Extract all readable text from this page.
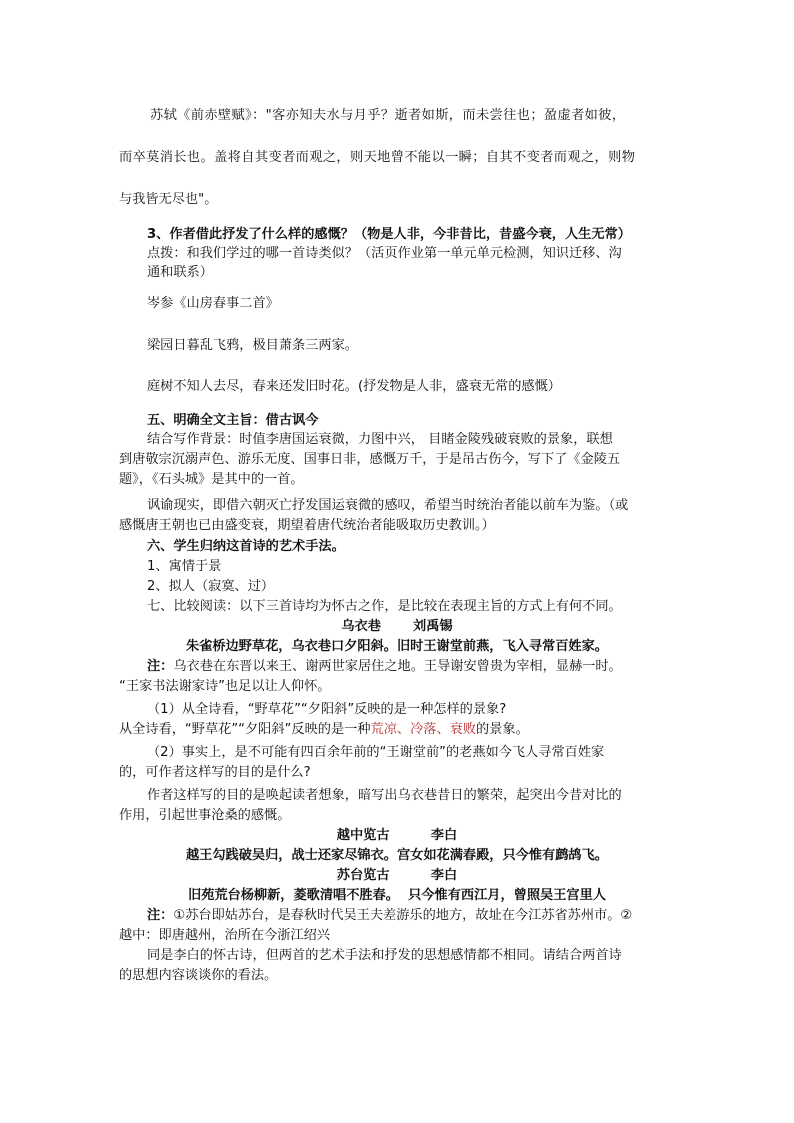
苏轼《前赤壁赋》："客亦知夫水与月乎？逝者如斯，而未尝往也；盈虚者如彼，
而卒莫消长也。盖将自其变者而观之，则天地曾不能以一瞬；自其不变者而观之，则物
与我皆无尽也"。
3、作者借此抒发了什么样的感慨？（物是人非，今非昔比，昔盛今衰，人生无常）
点拨：和我们学过的哪一首诗类似？（活页作业第一单元单元检测，知识迁移、沟
通和联系）
岑参《山房春事二首》
梁园日暮乱飞鸦，极目萧条三两家。
庭树不知人去尽，春来还发旧时花。(抒发物是人非，盛衰无常的感慨）
五、明确全文主旨：借古讽今
结合写作背景：时值李唐国运衰微，力图中兴， 目睹金陵残破衰败的景象，联想
到唐敬宗沉溺声色、游乐无度、国事日非，感慨万千，于是吊古伤今，写下了《金陵五
题》，《石头城》是其中的一首。
讽谕现实，即借六朝灭亡抒发国运衰微的感叹，希望当时统治者能以前车为鉴。（或
感慨唐王朝也已由盛变衰，期望着唐代统治者能吸取历史教训。）
六、学生归纳这首诗的艺术手法。
1、寓情于景
2、拟人（寂寞、过）
七、比较阅读：以下三首诗均为怀古之作，是比较在表现主旨的方式上有何不同。
乌衣巷       刘禹锡
朱雀桥边野草花，乌衣巷口夕阳斜。旧时王谢堂前燕，飞入寻常百姓家。
注：乌衣巷在东晋以来王、谢两世家居住之地。王导谢安曾贵为宰相，显赫一时。
“王家书法谢家诗”也足以让人仰怀。
（1）从全诗看，“野草花”“夕阳斜”反映的是一种怎样的景象?
从全诗看，“野草花”“夕阳斜”反映的是一种荒凉、冷落、衰败的景象。
（2）事实上，是不可能有四百余年前的“王谢堂前”的老燕如今飞人寻常百姓家
的，可作者这样写的目的是什么?
作者这样写的目的是唤起读者想象，暗写出乌衣巷昔日的繁荣，起突出今昔对比的
作用，引起世事沧桑的感慨。
越中览古         李白
越王勾践破吴归，战士还家尽锦衣。宫女如花满春殿，只今惟有鹧鸪飞。
苏台览古         李白
旧苑荒台杨柳新，菱歌清唱不胜春。  只今惟有西江月，曾照吴王宫里人
注：①苏台即姑苏台，是春秋时代吴王夫差游乐的地方，故址在今江苏省苏州市。②
越中：即唐越州，治所在今浙江绍兴
同是李白的怀古诗，但两首的艺术手法和抒发的思想感情都不相同。请结合两首诗
的思想内容谈谈你的看法。
